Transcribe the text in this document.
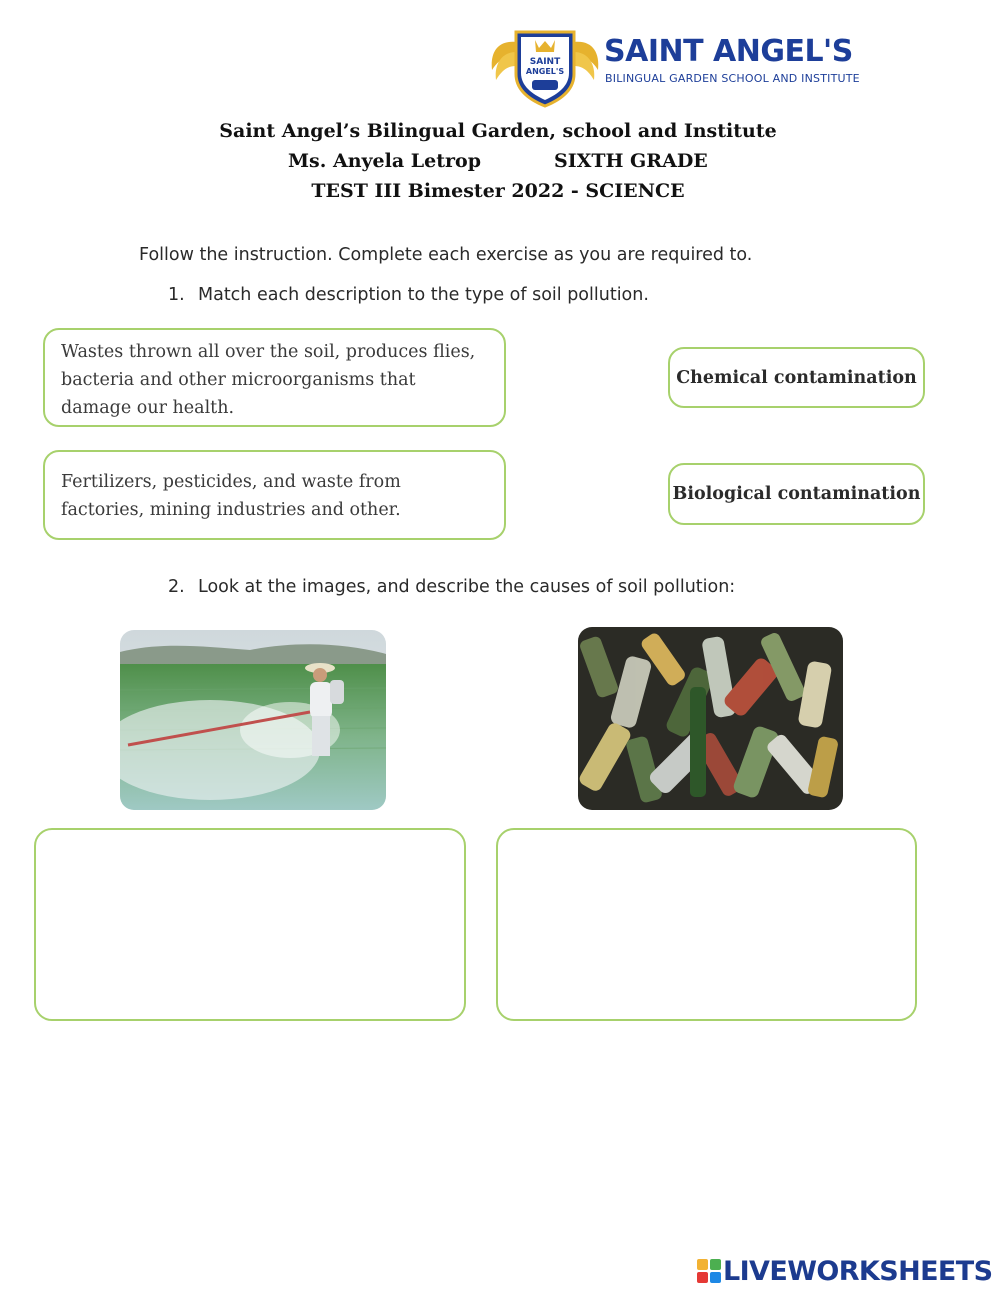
SAINT
ANGEL'S
SAINT ANGEL'S
BILINGUAL GARDEN SCHOOL AND INSTITUTE
Saint Angel’s Bilingual Garden, school and Institute
Ms. Anyela Letrop	SIXTH GRADE
TEST III Bimester 2022 - SCIENCE
Follow the instruction. Complete each exercise as you are required to.
1. Match each description to the type of soil pollution.
Wastes thrown all over the soil, produces flies, bacteria and other microorganisms that damage our health.
Fertilizers, pesticides, and waste from factories, mining industries and other.
Chemical contamination
Biological contamination
2. Look at the images, and describe the causes of soil pollution:
LIVEWORKSHEETS
